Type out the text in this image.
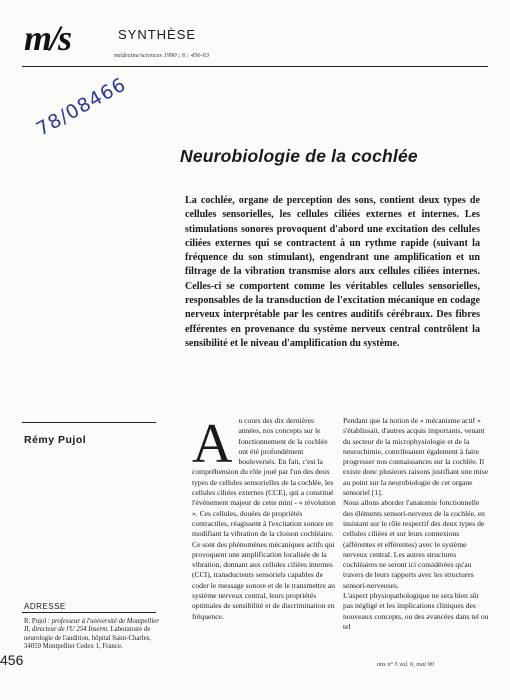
m/s	SYNTHÈSE
médecine/sciences 1990 ; 6 : 456-63
78/08466
Neurobiologie de la cochlée

La cochlée, organe de perception des sons, contient deux types de cellules sensorielles, les cellules ciliées externes et internes. Les stimulations sonores provoquent d'abord une excitation des cellules ciliées externes qui se contractent à un rythme rapide (suivant la fréquence du son stimulant), engendrant une amplification et un filtrage de la vibration transmise alors aux cellules ciliées internes. Celles-ci se comportent comme les véritables cellules sensorielles, responsables de la transduction de l'excitation mécanique en codage nerveux interprétable par les centres auditifs cérébraux. Des fibres efférentes en provenance du système nerveux central contrôlent la sensibilité et le niveau d'amplification du système.

Rémy Pujol
ADRESSE
R. Pujol : professeur à l'université de Montpellier II, directeur de l'U 254 Inserm. Laboratoire de neurologie de l'audition, hôpital Saint-Charles, 34059 Montpellier Cedex 1, France.
456

Au cours des dix dernières années, nos concepts sur le fonctionnement de la cochlée ont été profondément bouleversés. En fait, c'est la compréhension du rôle joué par l'un des deux types de cellules sensorielles de la cochlée, les cellules ciliées externes (CCE), qui a constitué l'événement majeur de cette mini - « révolution ». Ces cellules, douées de propriétés contractiles, réagissent à l'excitation sonore en modifiant la vibration de la cloison cochléaire. Ce sont des phénomènes mécaniques actifs qui provoquent une amplification localisée de la vibration, donnant aux cellules ciliées internes (CCI), transducteurs sensoriels capables de coder le message sonore et de le transmettre au système nerveux central, leurs propriétés optimales de sensibilité et de discrimination en fréquence.

Pendant que la notion de « mécanisme actif » s'établissait, d'autres acquis importants, venant du secteur de la microphysiologie et de la neurochimie, contribuaient également à faire progresser nos connaissances sur la cochlée. Il existe donc plusieurs raisons justifiant une mise au point sur la neurobiologie de cet organe sensoriel [1].

Nous allons aborder l'anatomie fonctionnelle des éléments sensori-nerveux de la cochlée, en insistant sur le rôle respectif des deux types de cellules ciliées et sur leurs connexions (afférentes et efférentes) avec le système nerveux central. Les autres structures cochléaires ne seront ici considérées qu'au travers de leurs rapports avec les structures sensori-nerveuses.

L'aspect physiopathologique ne sera bien sûr pas négligé et les implications cliniques des nouveaux concepts, ou des avancées dans tel ou tel

mis n° 5 vol. 6, mai 90
